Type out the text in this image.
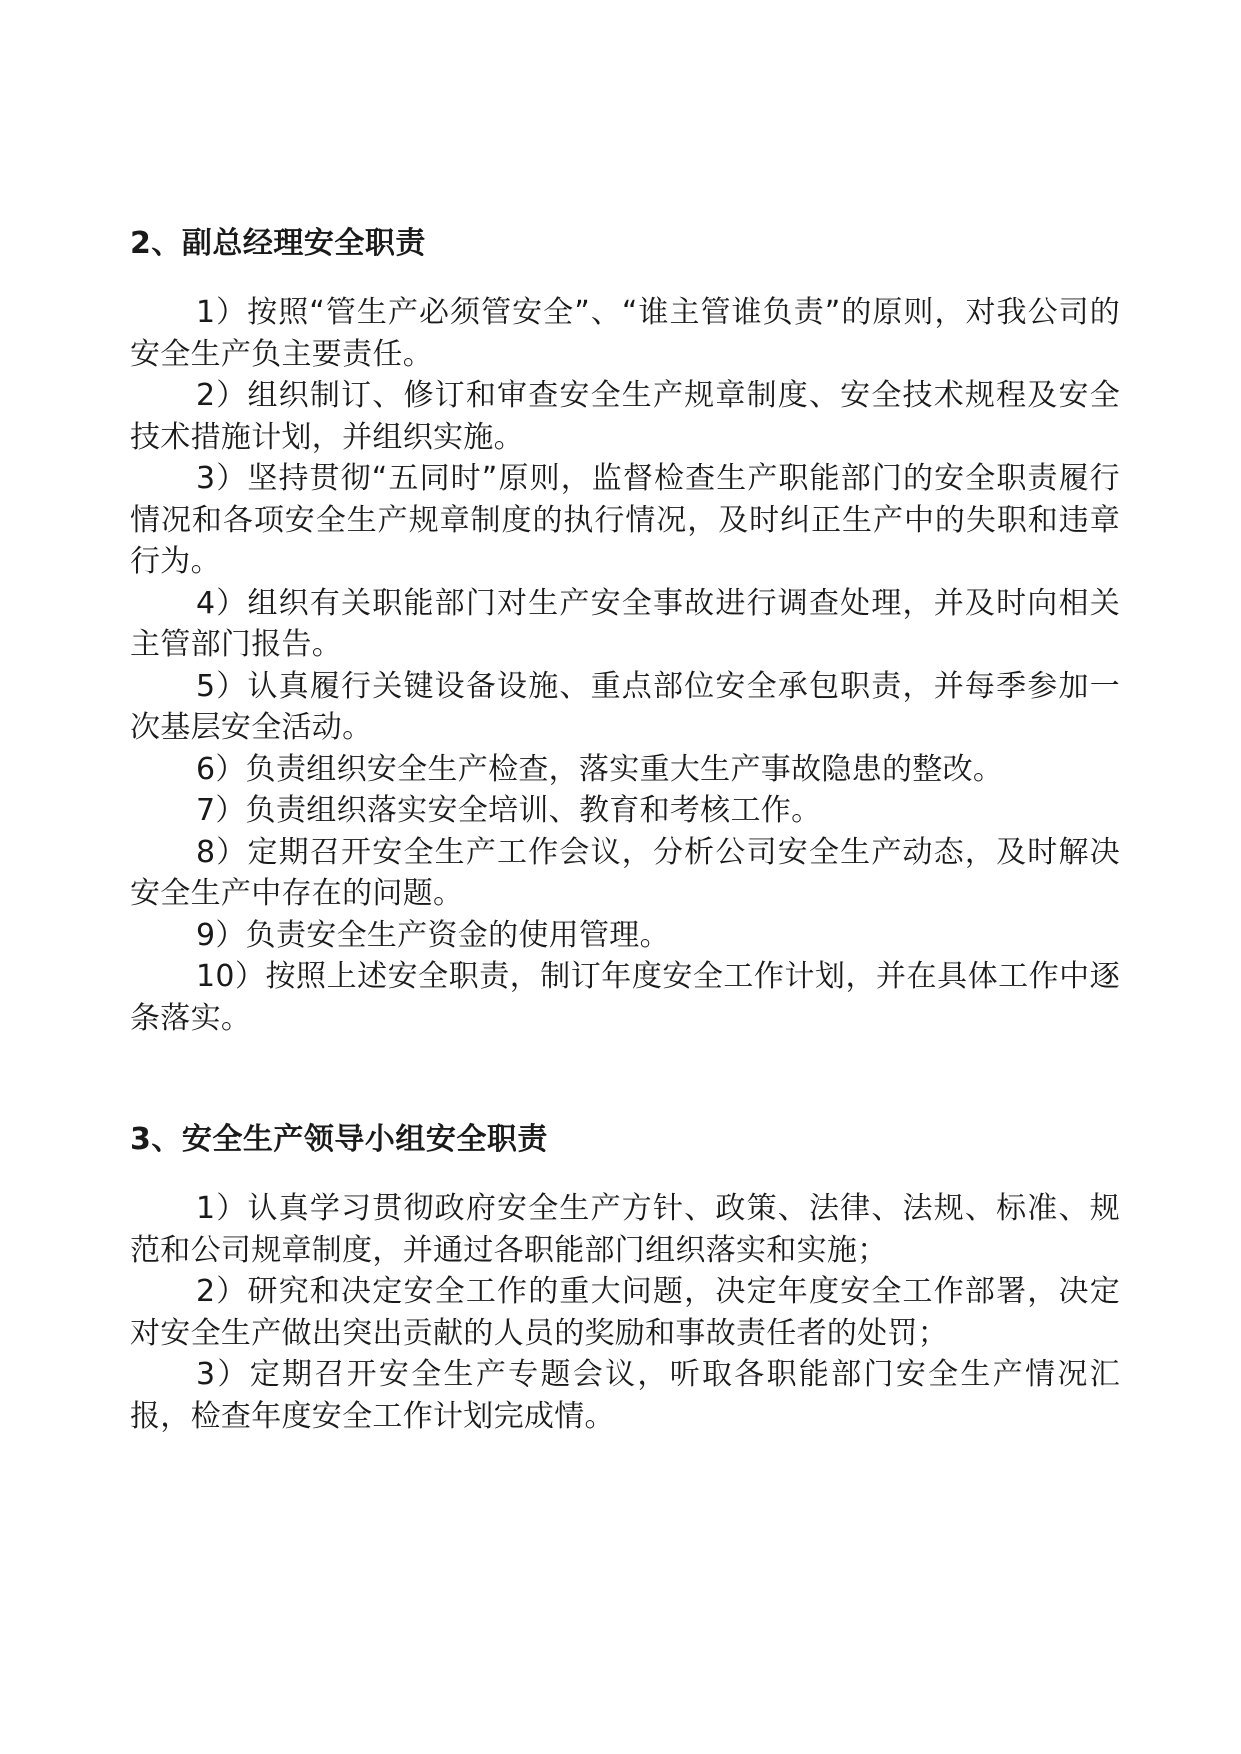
2、副总经理安全职责

1）按照“管生产必须管安全”、“谁主管谁负责”的原则，对我公司的安全生产负主要责任。

2）组织制订、修订和审查安全生产规章制度、安全技术规程及安全技术措施计划，并组织实施。

3）坚持贯彻“五同时”原则，监督检查生产职能部门的安全职责履行情况和各项安全生产规章制度的执行情况，及时纠正生产中的失职和违章行为。

4）组织有关职能部门对生产安全事故进行调查处理，并及时向相关主管部门报告。

5）认真履行关键设备设施、重点部位安全承包职责，并每季参加一次基层安全活动。

6）负责组织安全生产检查，落实重大生产事故隐患的整改。

7）负责组织落实安全培训、教育和考核工作。

8）定期召开安全生产工作会议，分析公司安全生产动态，及时解决安全生产中存在的问题。

9）负责安全生产资金的使用管理。

10）按照上述安全职责，制订年度安全工作计划，并在具体工作中逐条落实。

3、安全生产领导小组安全职责

1）认真学习贯彻政府安全生产方针、政策、法律、法规、标准、规范和公司规章制度，并通过各职能部门组织落实和实施；

2）研究和决定安全工作的重大问题，决定年度安全工作部署，决定对安全生产做出突出贡献的人员的奖励和事故责任者的处罚；

3）定期召开安全生产专题会议，听取各职能部门安全生产情况汇报，检查年度安全工作计划完成情。
